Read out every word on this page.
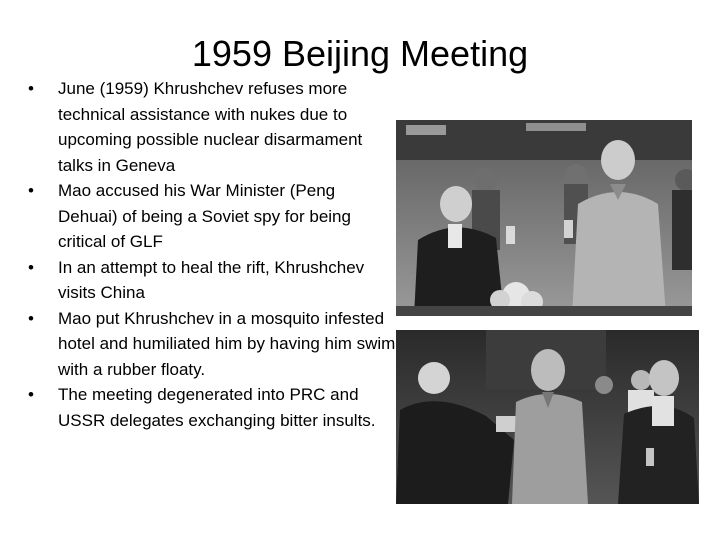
1959 Beijing Meeting
• June (1959) Khrushchev refuses more technical assistance with nukes due to upcoming possible nuclear disarmament talks in Geneva
• Mao accused his War Minister (Peng Dehuai) of being a Soviet spy for being critical of GLF
• In an attempt to heal the rift, Khrushchev visits China
• Mao put Khrushchev in a mosquito infested hotel and humiliated him by having him swim with a rubber floaty.
• The meeting degenerated into PRC and USSR delegates exchanging bitter insults.
